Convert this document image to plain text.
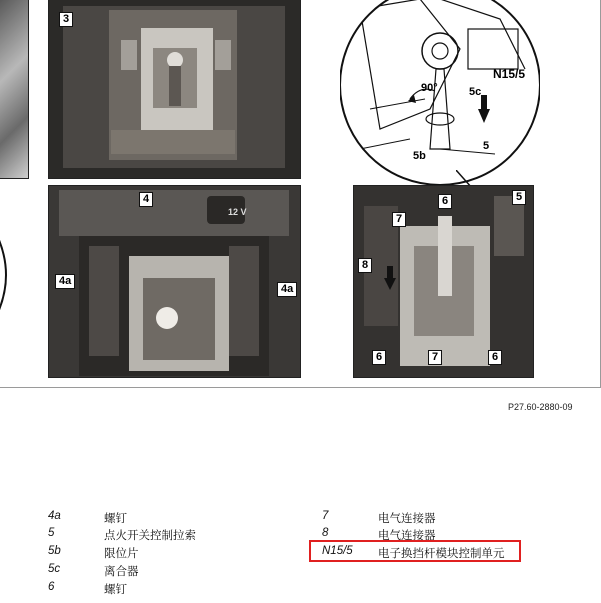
3
N15/5
90°	5c
5b
5
12 V
4
4a
4a
5
6
7
8
6	7	6
P27.60-2880-09
4a	螺钉
5	点火开关控制拉索
5b	限位片
5c	离合器
6	螺钉
7	电气连接器
8	电气连接器
N15/5 电子换挡杆模块控制单元
